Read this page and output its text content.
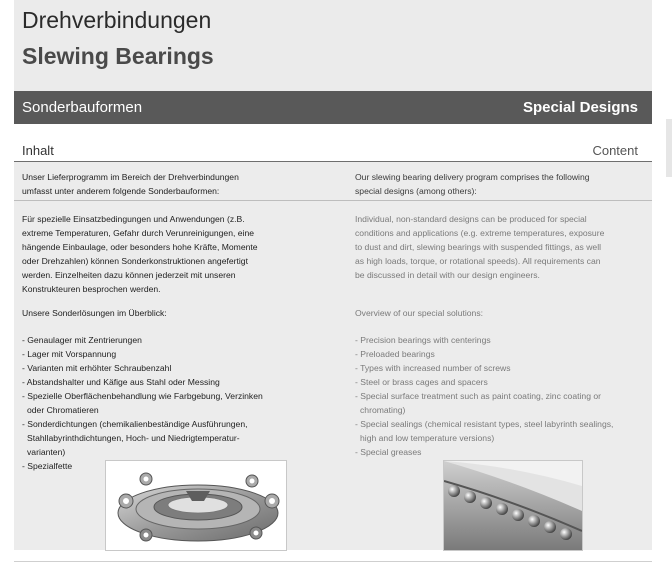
Drehverbindungen
Slewing Bearings
Sonderbauformen	Special Designs
Inhalt	Content
Unser Lieferprogramm im Bereich der Drehverbindungen
umfasst unter anderem folgende Sonderbauformen:
Für spezielle Einsatzbedingungen und Anwendungen (z.B.
extreme Temperaturen, Gefahr durch Verunreinigungen, eine
hängende Einbaulage, oder besonders hohe Kräfte, Momente
oder Drehzahlen) können Sonderkonstruktionen angefertigt
werden. Einzelheiten dazu können jederzeit mit unseren
Konstrukteuren besprochen werden.
Unsere Sonderlösungen im Überblick:
- Genaulager mit Zentrierungen
- Lager mit Vorspannung
- Varianten mit erhöhter Schraubenzahl
- Abstandshalter und Käfige aus Stahl oder Messing
- Spezielle Oberflächenbehandlung wie Farbgebung, Verzinken
oder Chromatieren
- Sonderdichtungen (chemikalienbeständige Ausführungen,
Stahllabyrinthdichtungen, Hoch- und Niedrigtemperatur-
varianten)
- Spezialfette
Our slewing bearing delivery program comprises the following
special designs (among others):
Individual, non-standard designs can be produced for special
conditions and applications (e.g. extreme temperatures, exposure
to dust and dirt, slewing bearings with suspended fittings, as well
as high loads, torque, or rotational speeds). All requirements can
be discussed in detail with our design engineers.
Overview of our special solutions:
- Precision bearings with centerings
- Preloaded bearings
- Types with increased number of screws
- Steel or brass cages and spacers
- Special surface treatment such as paint coating, zinc coating or
chromating)
- Special sealings (chemical resistant types, steel labyrinth sealings,
high and low temperature versions)
- Special greases
